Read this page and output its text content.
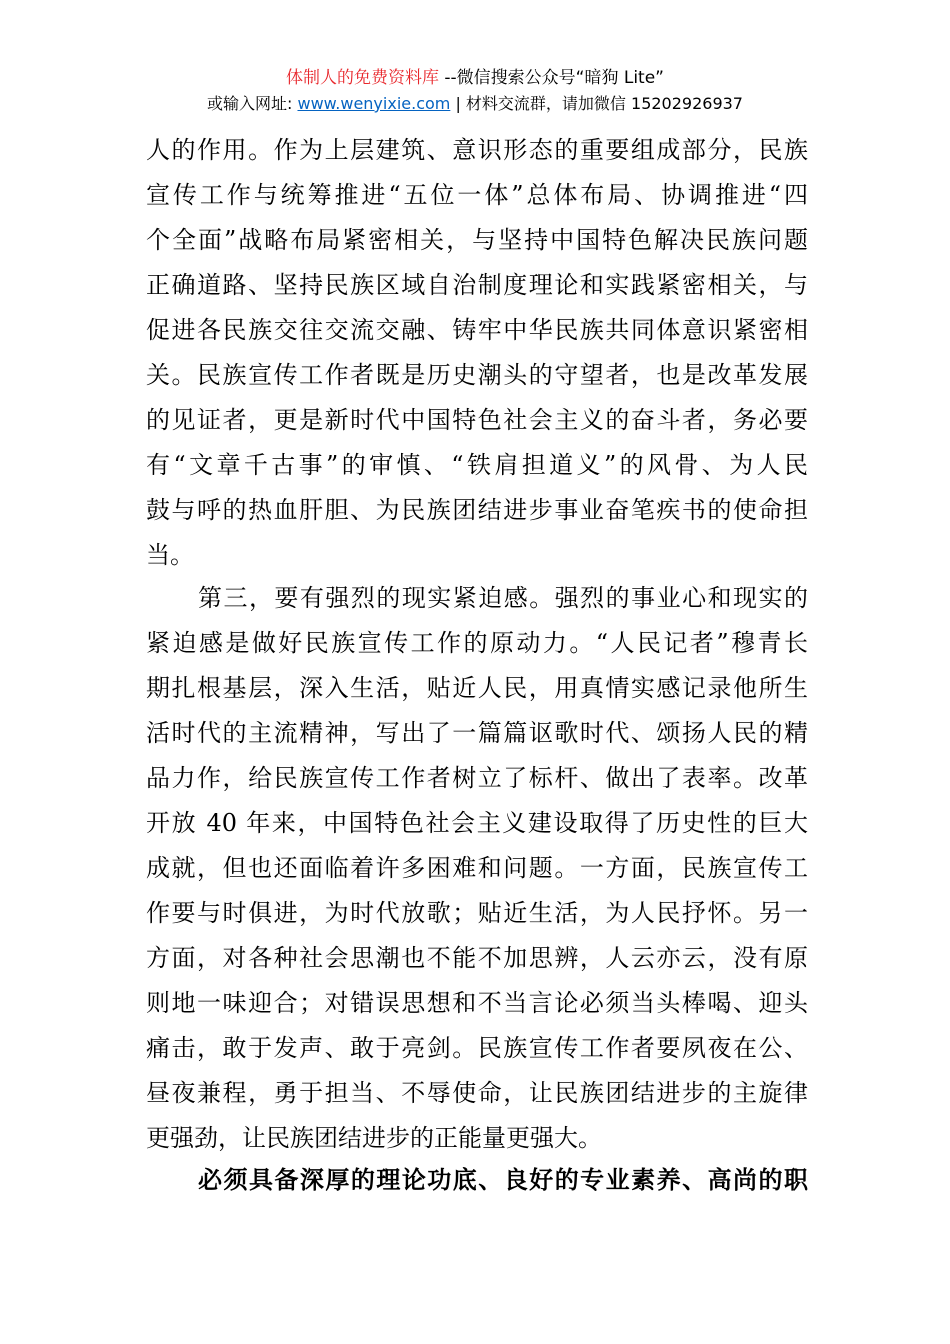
体制人的免费资料库 --微信搜索公众号“暗狗 Lite”
或输入网址: www.wenyixie.com | 材料交流群，请加微信 15202926937
人的作用。作为上层建筑、意识形态的重要组成部分，民族
宣传工作与统筹推进“五位一体”总体布局、协调推进“四
个全面”战略布局紧密相关，与坚持中国特色解决民族问题
正确道路、坚持民族区域自治制度理论和实践紧密相关，与
促进各民族交往交流交融、铸牢中华民族共同体意识紧密相
关。民族宣传工作者既是历史潮头的守望者，也是改革发展
的见证者，更是新时代中国特色社会主义的奋斗者，务必要
有“文章千古事”的审慎、“铁肩担道义”的风骨、为人民
鼓与呼的热血肝胆、为民族团结进步事业奋笔疾书的使命担
当。
第三，要有强烈的现实紧迫感。强烈的事业心和现实的
紧迫感是做好民族宣传工作的原动力。“人民记者”穆青长
期扎根基层，深入生活，贴近人民，用真情实感记录他所生
活时代的主流精神，写出了一篇篇讴歌时代、颂扬人民的精
品力作，给民族宣传工作者树立了标杆、做出了表率。改革
开放 40 年来，中国特色社会主义建设取得了历史性的巨大
成就，但也还面临着许多困难和问题。一方面，民族宣传工
作要与时俱进，为时代放歌；贴近生活，为人民抒怀。另一
方面，对各种社会思潮也不能不加思辨，人云亦云，没有原
则地一味迎合；对错误思想和不当言论必须当头棒喝、迎头
痛击，敢于发声、敢于亮剑。民族宣传工作者要夙夜在公、
昼夜兼程，勇于担当、不辱使命，让民族团结进步的主旋律
更强劲，让民族团结进步的正能量更强大。
必须具备深厚的理论功底、良好的专业素养、高尚的职
